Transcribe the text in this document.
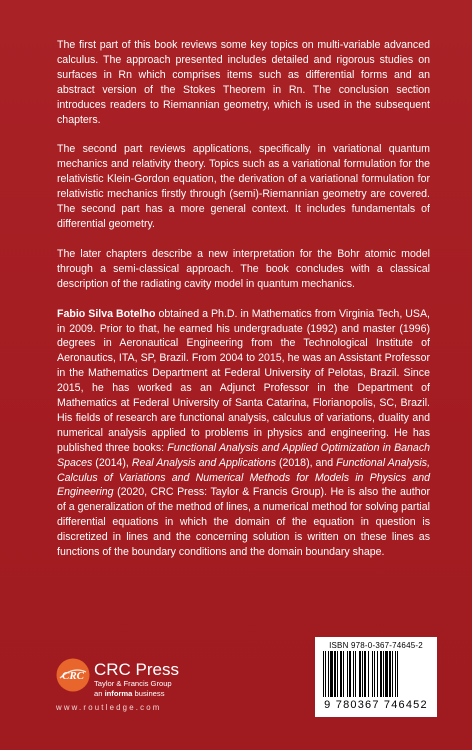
The first part of this book reviews some key topics on multi-variable advanced calculus. The approach presented includes detailed and rigorous studies on surfaces in Rn which comprises items such as differential forms and an abstract version of the Stokes Theorem in Rn. The conclusion section introduces readers to Riemannian geometry, which is used in the subsequent chapters.

The second part reviews applications, specifically in variational quantum mechanics and relativity theory. Topics such as a variational formulation for the relativistic Klein-Gordon equation, the derivation of a variational formulation for relativistic mechanics firstly through (semi)-Riemannian geometry are covered. The second part has a more general context. It includes fundamentals of differential geometry.

The later chapters describe a new interpretation for the Bohr atomic model through a semi-classical approach. The book concludes with a classical description of the radiating cavity model in quantum mechanics.

Fabio Silva Botelho obtained a Ph.D. in Mathematics from Virginia Tech, USA, in 2009. Prior to that, he earned his undergraduate (1992) and master (1996) degrees in Aeronautical Engineering from the Technological Institute of Aeronautics, ITA, SP, Brazil. From 2004 to 2015, he was an Assistant Professor in the Mathematics Department at Federal University of Pelotas, Brazil. Since 2015, he has worked as an Adjunct Professor in the Department of Mathematics at Federal University of Santa Catarina, Florianopolis, SC, Brazil. His fields of research are functional analysis, calculus of variations, duality and numerical analysis applied to problems in physics and engineering. He has published three books: Functional Analysis and Applied Optimization in Banach Spaces (2014), Real Analysis and Applications (2018), and Functional Analysis, Calculus of Variations and Numerical Methods for Models in Physics and Engineering (2020, CRC Press: Taylor & Francis Group). He is also the author of a generalization of the method of lines, a numerical method for solving partial differential equations in which the domain of the equation in question is discretized in lines and the concerning solution is written on these lines as functions of the boundary conditions and the domain boundary shape.

CRC CRC Press
Taylor & Francis Group
an informa business
www.routledge.com
ISBN 978-0-367-74645-2
9 780367 746452
